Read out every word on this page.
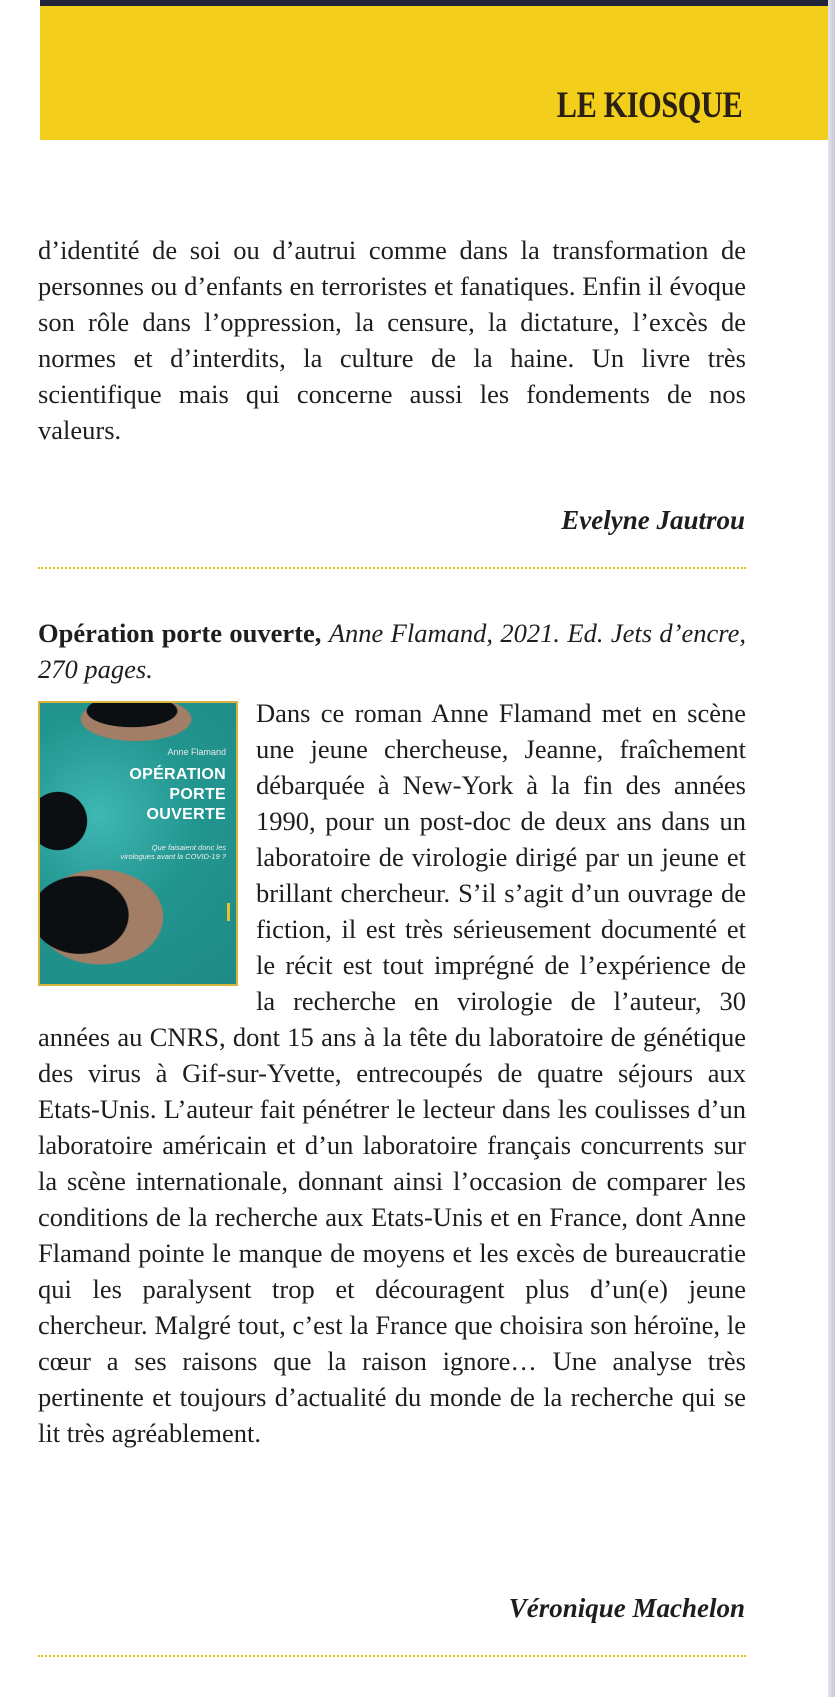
LE KIOSQUE

d’identité de soi ou d’autrui comme dans la transformation de personnes ou d’enfants en terroristes et fanatiques. Enfin il évoque son rôle dans l’oppression, la censure, la dictature, l’excès de normes et d’interdits, la culture de la haine. Un livre très scientifique mais qui concerne aussi les fondements de nos valeurs.

Evelyne Jautrou

Opération porte ouverte, Anne Flamand, 2021. Ed. Jets d’encre, 270 pages.

Anne Flamand
OPÉRATION PORTE OUVERTE
Que faisaient donc les virologues avant la COVID-19 ?

Dans ce roman Anne Flamand met en scène une jeune chercheuse, Jeanne, fraîchement débarquée à New-York à la fin des années 1990, pour un post-doc de deux ans dans un laboratoire de virologie dirigé par un jeune et brillant chercheur. S’il s’agit d’un ouvrage de fiction, il est très sérieusement documenté et le récit est tout imprégné de l’expérience de la recherche en virologie de l’auteur, 30 années au CNRS, dont 15 ans à la tête du laboratoire de génétique des virus à Gif-sur-Yvette, entrecoupés de quatre séjours aux Etats-Unis. L’auteur fait pénétrer le lecteur dans les coulisses d’un laboratoire américain et d’un laboratoire français concurrents sur la scène internationale, donnant ainsi l’occasion de comparer les conditions de la recherche aux Etats-Unis et en France, dont Anne Flamand pointe le manque de moyens et les excès de bureaucratie qui les paralysent trop et découragent plus d’un(e) jeune chercheur. Malgré tout, c’est la France que choisira son héroïne, le cœur a ses raisons que la raison ignore… Une analyse très pertinente et toujours d’actualité du monde de la recherche qui se lit très agréablement.

Véronique Machelon
